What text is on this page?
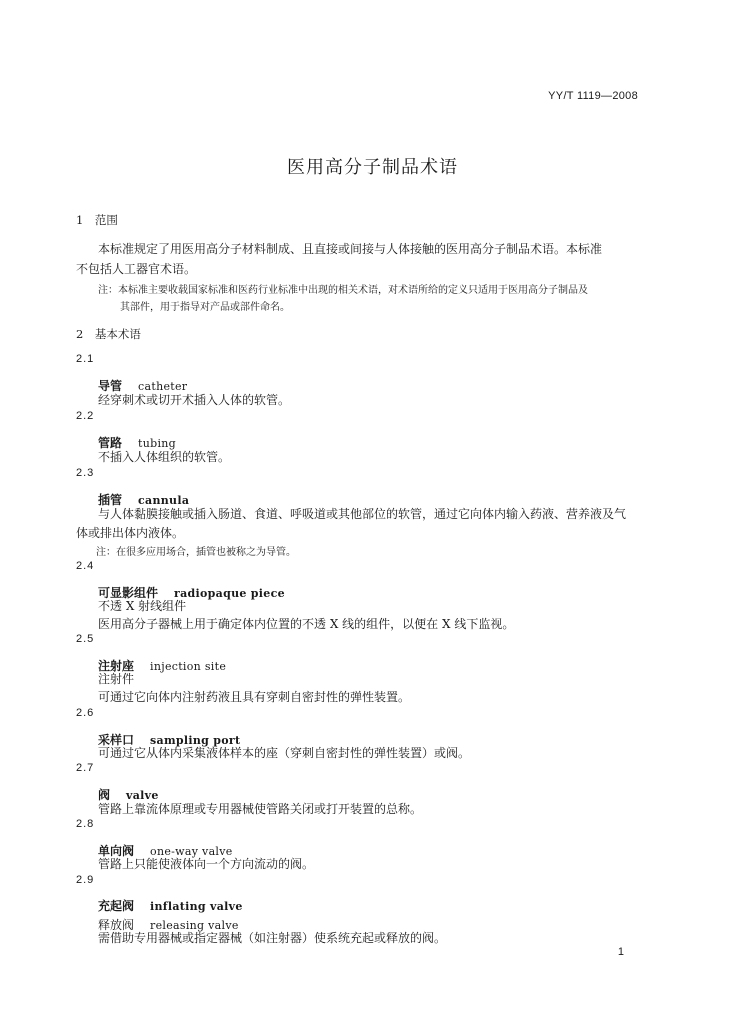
YY/T 1119—2008
医用高分子制品术语
1　范围
本标准规定了用医用高分子材料制成、且直接或间接与人体接触的医用高分子制品术语。本标准
不包括人工器官术语。
注：本标准主要收载国家标准和医药行业标准中出现的相关术语，对术语所给的定义只适用于医用高分子制品及
其部件，用于指导对产品或部件命名。
2　基本术语
2.1
导管　 catheter
经穿刺术或切开术插入人体的软管。
2.2
管路　 tubing
不插入人体组织的软管。
2.3
插管　 cannula
与人体黏膜接触或插入肠道、食道、呼吸道或其他部位的软管，通过它向体内输入药液、营养液及气
体或排出体内液体。
注：在很多应用场合，插管也被称之为导管。
2.4
可显影组件　 radiopaque piece
不透 X 射线组件
医用高分子器械上用于确定体内位置的不透 X 线的组件，以便在 X 线下监视。
2.5
注射座　 injection site
注射件
可通过它向体内注射药液且具有穿刺自密封性的弹性装置。
2.6
采样口　 sampling port
可通过它从体内采集液体样本的座（穿刺自密封性的弹性装置）或阀。
2.7
阀　 valve
管路上靠流体原理或专用器械使管路关闭或打开装置的总称。
2.8
单向阀　 one-way valve
管路上只能使液体向一个方向流动的阀。
2.9
充起阀　 inflating valve
释放阀　 releasing valve
需借助专用器械或指定器械（如注射器）使系统充起或释放的阀。
1
